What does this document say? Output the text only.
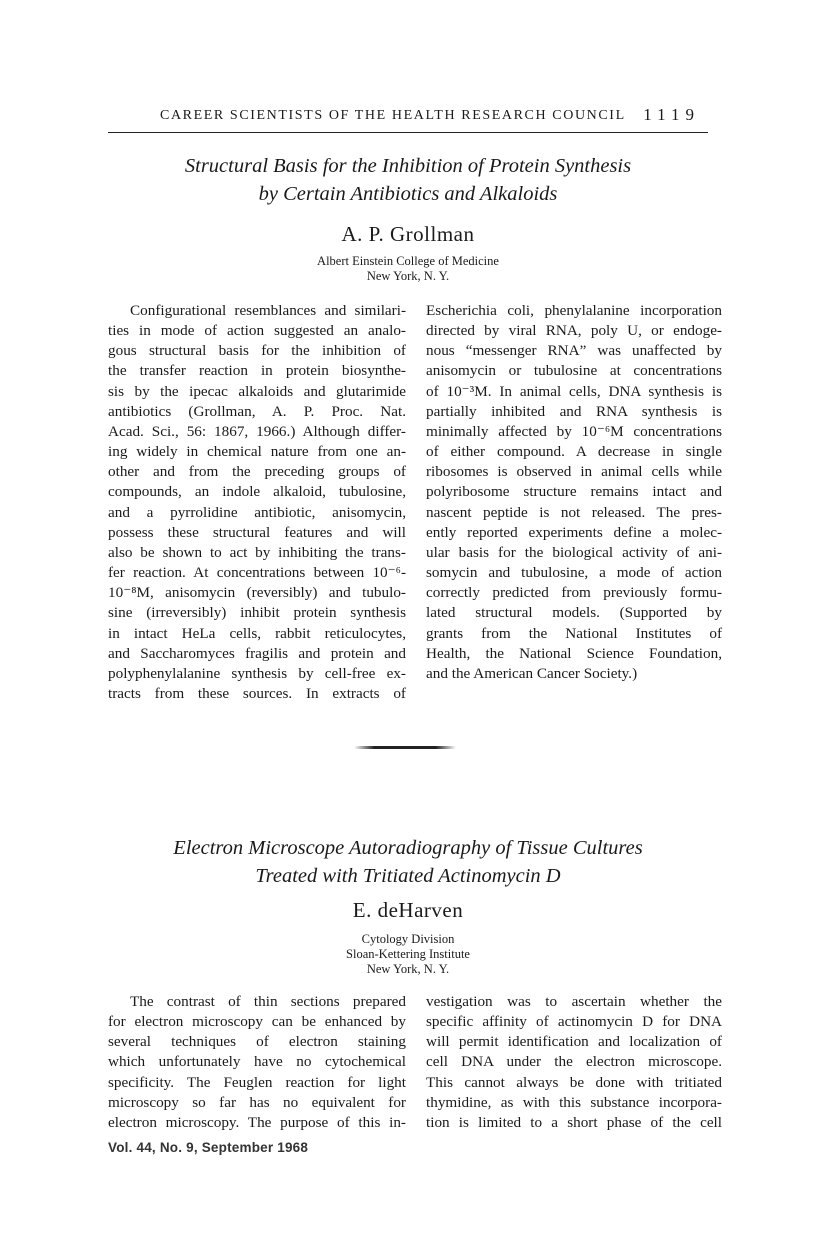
CAREER SCIENTISTS OF THE HEALTH RESEARCH COUNCIL 1119
Structural Basis for the Inhibition of Protein Synthesis
by Certain Antibiotics and Alkaloids
A. P. Grollman
Albert Einstein College of Medicine
New York, N. Y.
Configurational resemblances and similari-
ties in mode of action suggested an analo-
gous structural basis for the inhibition of
the transfer reaction in protein biosynthe-
sis by the ipecac alkaloids and glutarimide
antibiotics (Grollman, A. P. Proc. Nat.
Acad. Sci., 56: 1867, 1966.) Although differ-
ing widely in chemical nature from one an-
other and from the preceding groups of
compounds, an indole alkaloid, tubulosine,
and a pyrrolidine antibiotic, anisomycin,
possess these structural features and will
also be shown to act by inhibiting the trans-
fer reaction. At concentrations between 10⁻⁶-
10⁻⁸M, anisomycin (reversibly) and tubulo-
sine (irreversibly) inhibit protein synthesis
in intact HeLa cells, rabbit reticulocytes,
and Saccharomyces fragilis and protein and
polyphenylalanine synthesis by cell-free ex-
tracts from these sources. In extracts of
Escherichia coli, phenylalanine incorporation
directed by viral RNA, poly U, or endoge-
nous “messenger RNA” was unaffected by
anisomycin or tubulosine at concentrations
of 10⁻³M. In animal cells, DNA synthesis is
partially inhibited and RNA synthesis is
minimally affected by 10⁻⁶M concentrations
of either compound. A decrease in single
ribosomes is observed in animal cells while
polyribosome structure remains intact and
nascent peptide is not released. The pres-
ently reported experiments define a molec-
ular basis for the biological activity of ani-
somycin and tubulosine, a mode of action
correctly predicted from previously formu-
lated structural models. (Supported by
grants from the National Institutes of
Health, the National Science Foundation,
and the American Cancer Society.)
Electron Microscope Autoradiography of Tissue Cultures
Treated with Tritiated Actinomycin D
E. deHarven
Cytology Division
Sloan-Kettering Institute
New York, N. Y.
The contrast of thin sections prepared
for electron microscopy can be enhanced by
several techniques of electron staining
which unfortunately have no cytochemical
specificity. The Feuglen reaction for light
microscopy so far has no equivalent for
electron microscopy. The purpose of this in-
vestigation was to ascertain whether the
specific affinity of actinomycin D for DNA
will permit identification and localization of
cell DNA under the electron microscope.
This cannot always be done with tritiated
thymidine, as with this substance incorpora-
tion is limited to a short phase of the cell
Vol. 44, No. 9, September 1968
